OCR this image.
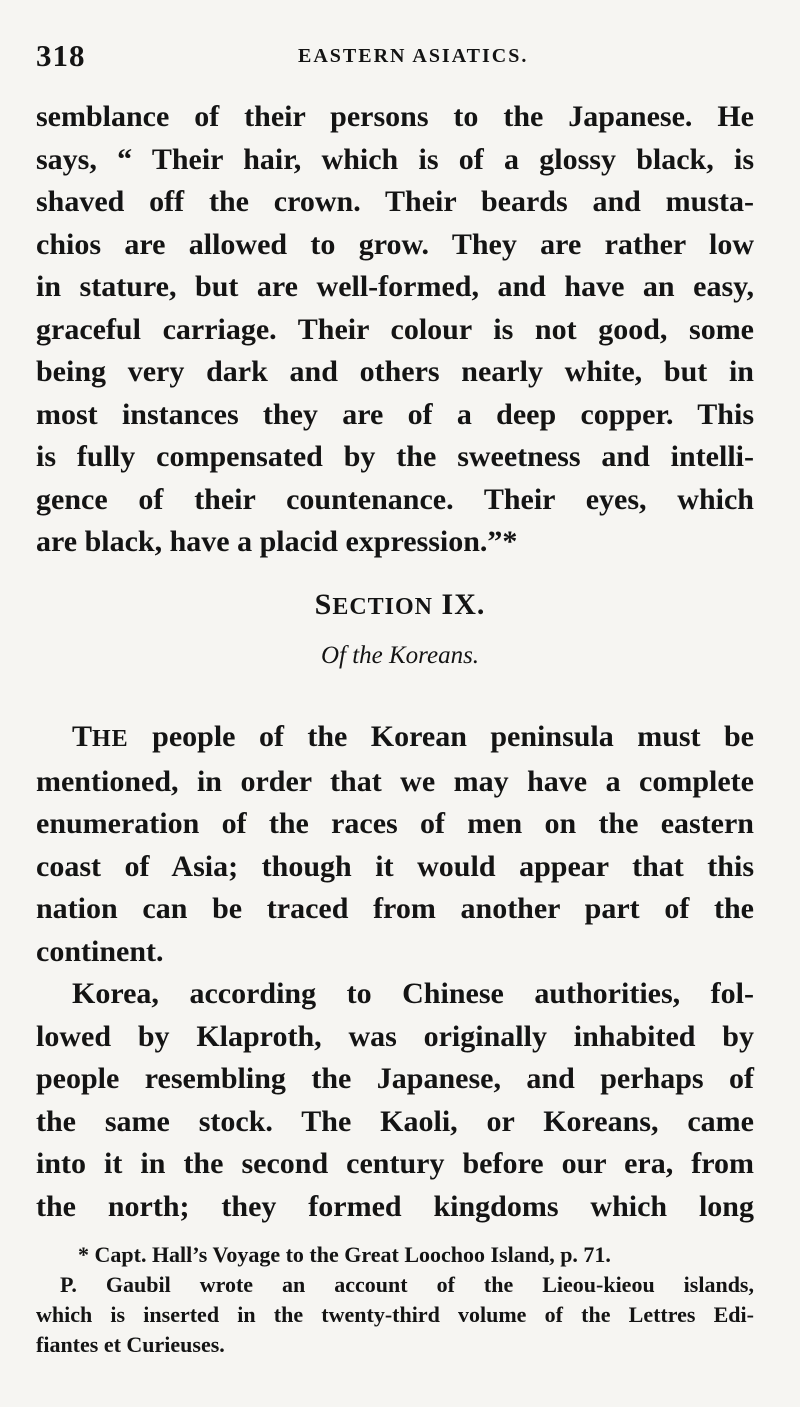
318	EASTERN ASIATICS.
semblance of their persons to the Japanese. He
says, “ Their hair, which is of a glossy black, is
shaved off the crown. Their beards and musta-
chios are allowed to grow. They are rather low
in stature, but are well-formed, and have an easy,
graceful carriage. Their colour is not good, some
being very dark and others nearly white, but in
most instances they are of a deep copper. This
is fully compensated by the sweetness and intelli-
gence of their countenance. Their eyes, which
are black, have a placid expression.”*
SECTION IX.
Of the Koreans.
THE people of the Korean peninsula must be
mentioned, in order that we may have a complete
enumeration of the races of men on the eastern
coast of Asia; though it would appear that this
nation can be traced from another part of the
continent.
Korea, according to Chinese authorities, fol-
lowed by Klaproth, was originally inhabited by
people resembling the Japanese, and perhaps of
the same stock. The Kaoli, or Koreans, came
into it in the second century before our era, from
the north; they formed kingdoms which long
* Capt. Hall’s Voyage to the Great Loochoo Island, p. 71.
P. Gaubil wrote an account of the Lieou-kieou islands,
which is inserted in the twenty-third volume of the Lettres Edi-
fiantes et Curieuses.
